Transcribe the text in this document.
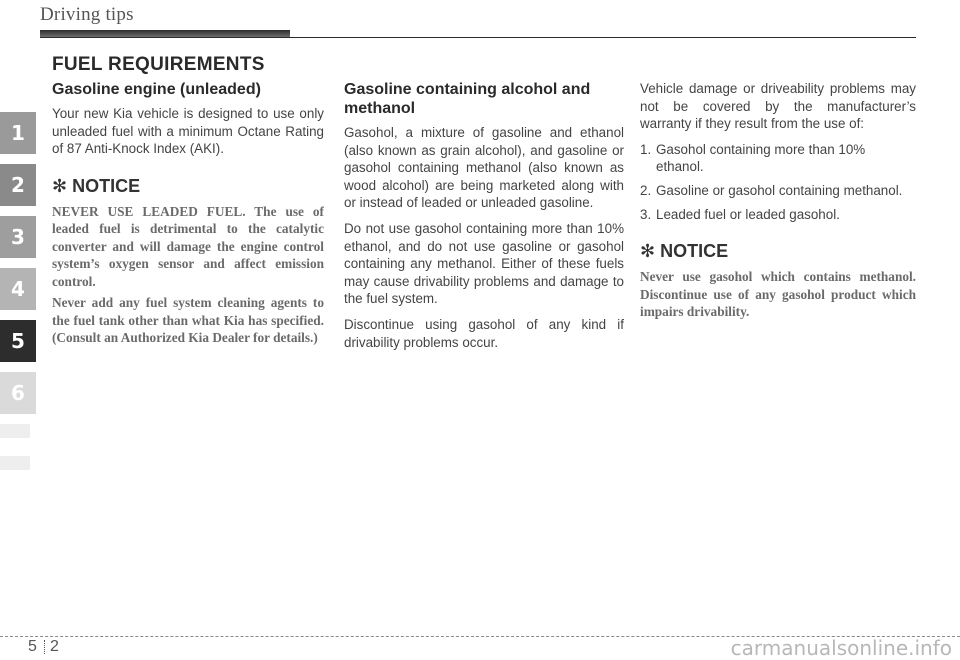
Driving tips
1
2
3
4
5
6
FUEL REQUIREMENTS
Gasoline engine (unleaded)

Your new Kia vehicle is designed to use only unleaded fuel with a minimum Octane Rating of 87 Anti-Knock Index (AKI).

✻ NOTICE

NEVER USE LEADED FUEL. The use of leaded fuel is detrimental to the catalytic converter and will damage the engine control system’s oxygen sensor and affect emission control.

Never add any fuel system cleaning agents to the fuel tank other than what Kia has specified. (Consult an Authorized Kia Dealer for details.)

Gasoline containing alcohol and methanol

Gasohol, a mixture of gasoline and ethanol (also known as grain alcohol), and gasoline or gasohol containing methanol (also known as wood alcohol) are being marketed along with or instead of leaded or unleaded gasoline.

Do not use gasohol containing more than 10% ethanol, and do not use gasoline or gasohol containing any methanol. Either of these fuels may cause drivability problems and damage to the fuel system.

Discontinue using gasohol of any kind if drivability problems occur.

Vehicle damage or driveability problems may not be covered by the manufacturer’s warranty if they result from the use of:

1. Gasohol containing more than 10% ethanol.
2. Gasoline or gasohol containing methanol.
3. Leaded fuel or leaded gasohol.
✻ NOTICE

Never use gasohol which contains methanol. Discontinue use of any gasohol product which impairs drivability.

5 2	carmanualsonline.info
